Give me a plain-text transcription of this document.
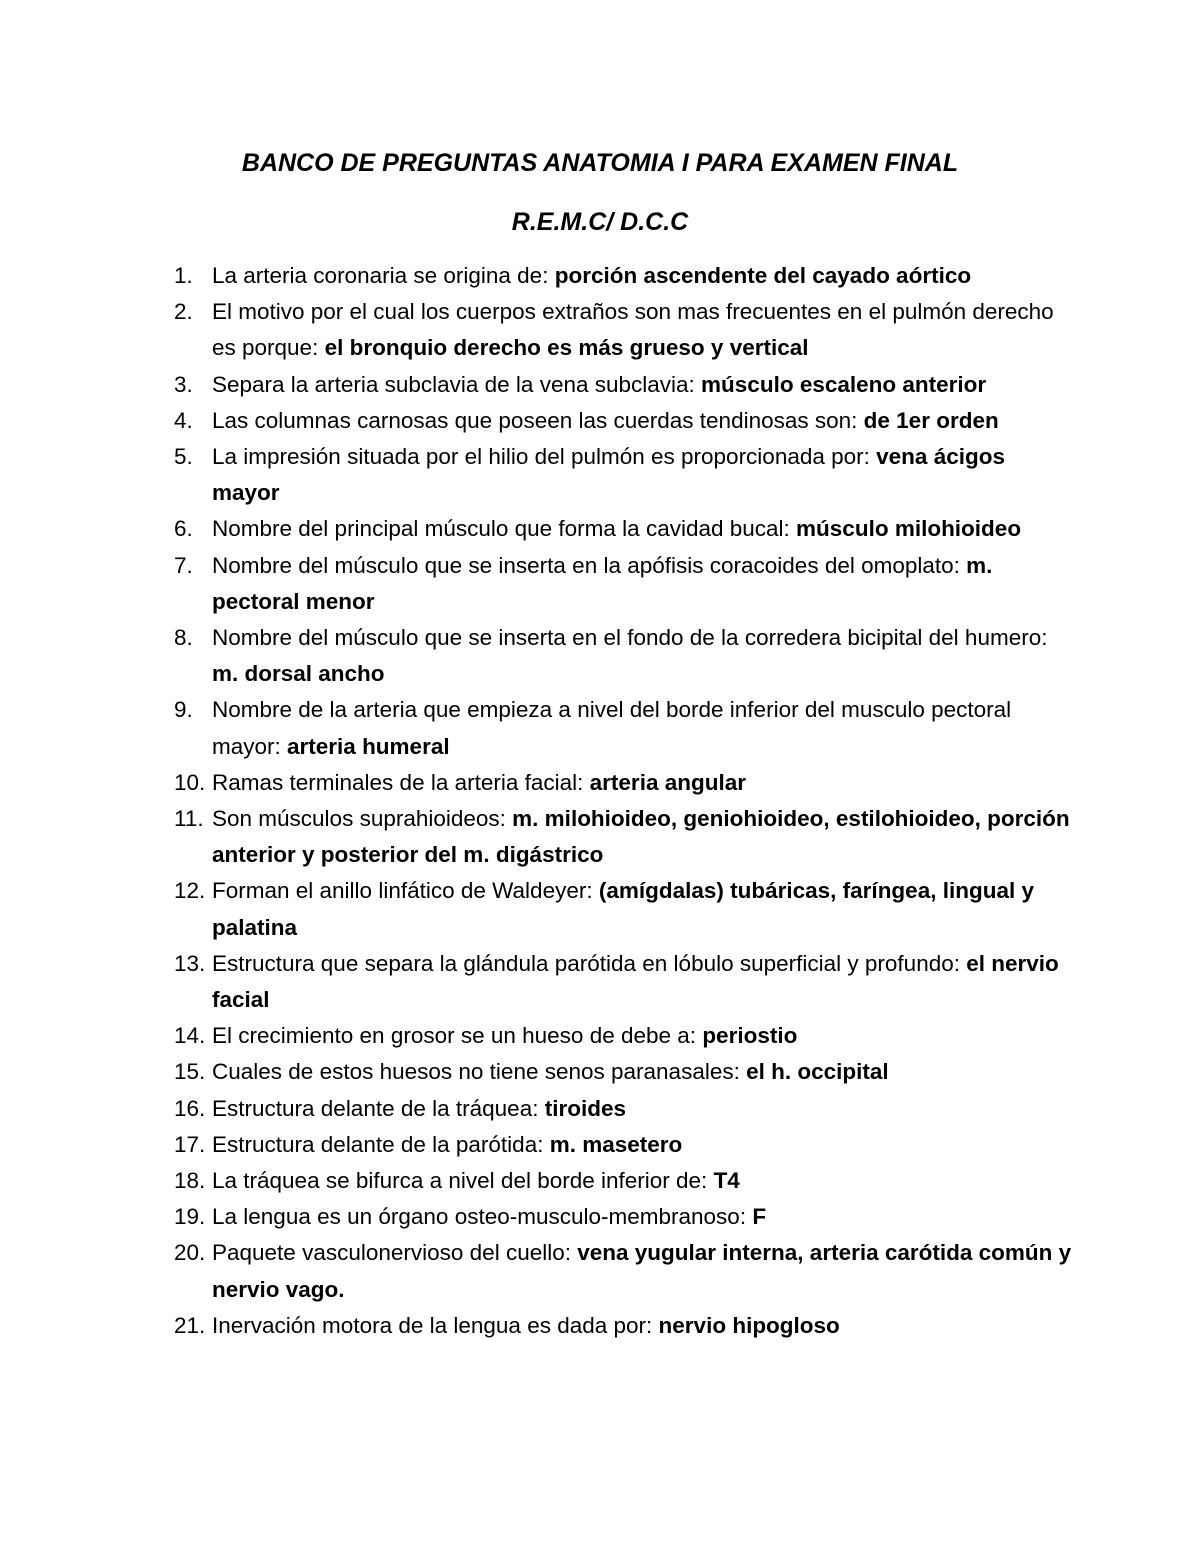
BANCO DE PREGUNTAS ANATOMIA I PARA EXAMEN FINAL
R.E.M.C/ D.C.C
1. La arteria coronaria se origina de: porción ascendente del cayado aórtico
2. El motivo por el cual los cuerpos extraños son mas frecuentes en el pulmón derecho es porque: el bronquio derecho es más grueso y vertical
3. Separa la arteria subclavia de la vena subclavia: músculo escaleno anterior
4. Las columnas carnosas que poseen las cuerdas tendinosas son: de 1er orden
5. La impresión situada por el hilio del pulmón es proporcionada por: vena ácigos mayor
6. Nombre del principal músculo que forma la cavidad bucal: músculo milohioideo
7. Nombre del músculo que se inserta en la apófisis coracoides del omoplato: m. pectoral menor
8. Nombre del músculo que se inserta en el fondo de la corredera bicipital del humero: m. dorsal ancho
9. Nombre de la arteria que empieza a nivel del borde inferior del musculo pectoral mayor: arteria humeral
10. Ramas terminales de la arteria facial: arteria angular
11. Son músculos suprahioideos: m. milohioideo, geniohioideo, estilohioideo, porción anterior y posterior del m. digástrico
12. Forman el anillo linfático de Waldeyer: (amígdalas) tubáricas, faríngea, lingual y palatina
13. Estructura que separa la glándula parótida en lóbulo superficial y profundo: el nervio facial
14. El crecimiento en grosor se un hueso de debe a: periostio
15. Cuales de estos huesos no tiene senos paranasales: el h. occipital
16. Estructura delante de la tráquea: tiroides
17. Estructura delante de la parótida: m. masetero
18. La tráquea se bifurca a nivel del borde inferior de: T4
19. La lengua es un órgano osteo-musculo-membranoso: F
20. Paquete vasculonervioso del cuello: vena yugular interna, arteria carótida común y nervio vago.
21. Inervación motora de la lengua es dada por: nervio hipogloso
